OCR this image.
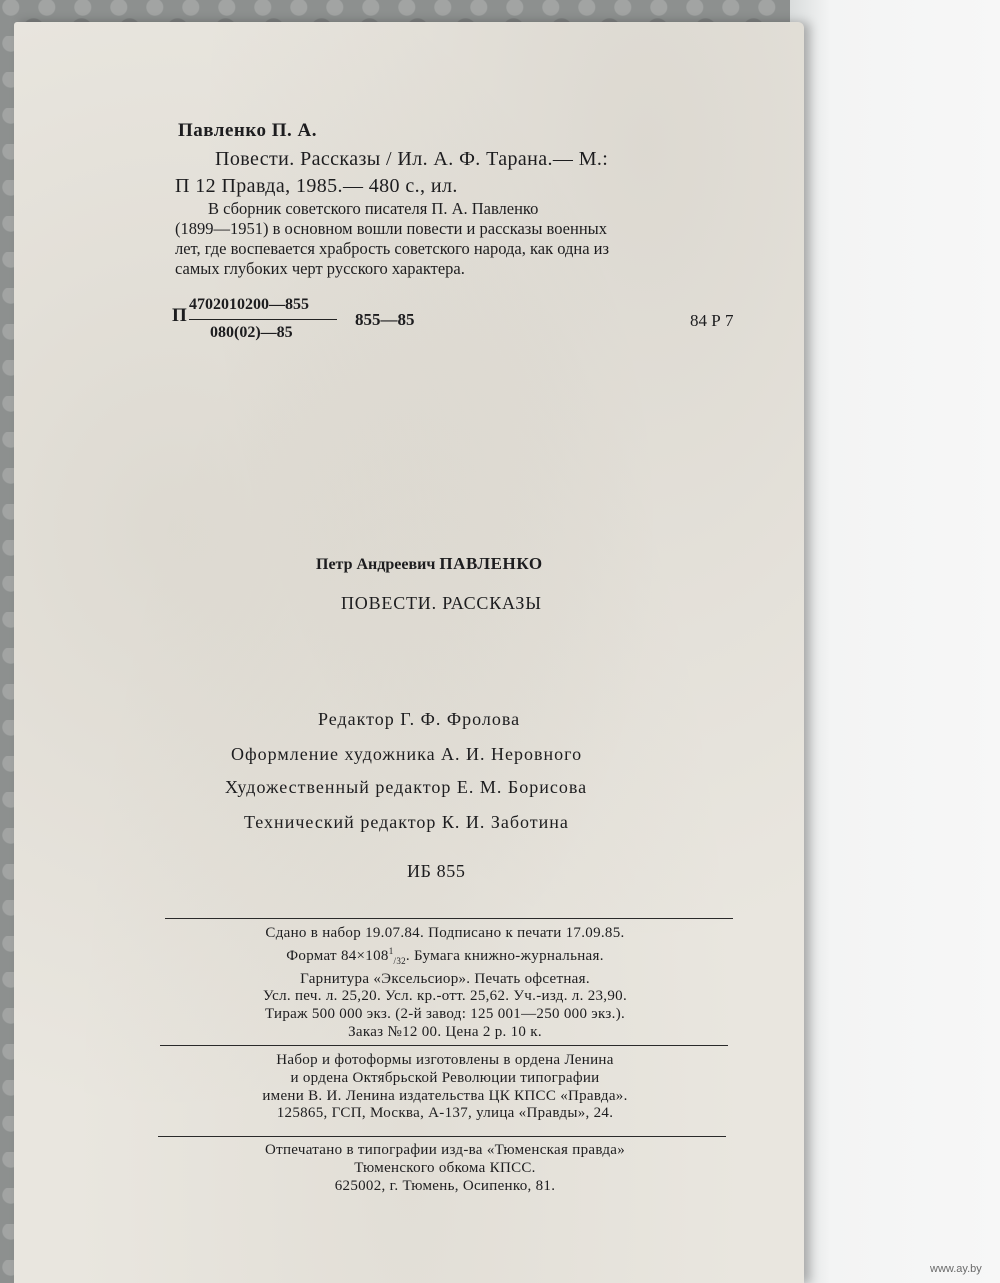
Павленко П. А.
Повести. Рассказы / Ил. А. Ф. Тарана.— М.:
П 12 Правда, 1985.— 480 с., ил.

В сборник советского писателя П. А. Павленко

(1899—1951) в основном вошли повести и рассказы военных

лет, где воспевается храбрость советского народа, как одна из

самых глубоких черт русского характера.

П
4702010200—855
080(02)—85
855—85	84 Р 7
Петр Андреевич ПАВЛЕНКО
ПОВЕСТИ. РАССКАЗЫ
Редактор Г. Ф. Фролова
Оформление художника А. И. Неровного
Художественный редактор Е. М. Борисова
Технический редактор К. И. Заботина
ИБ 855

Сдано в набор 19.07.84. Подписано к печати 17.09.85.

Формат $84\times 108^1_{/32}$. Бумага книжно-журнальная.

Гарнитура «Эксельсиор». Печать офсетная.

Усл. печ. л. 25,20. Усл. кр.-отт. 25,62. Уч.-изд. л. 23,90.

Тираж 500 000 экз. (2-й завод: 125 001—250 000 экз.).

Заказ №12 00. Цена 2 р. 10 к.

Набор и фотоформы изготовлены в ордена Ленина

и ордена Октябрьской Революции типографии

имени В. И. Ленина издательства ЦК КПСС «Правда».

125865, ГСП, Москва, А-137, улица «Правды», 24.

Отпечатано в типографии изд-ва «Тюменская правда»

Тюменского обкома КПСС.

625002, г. Тюмень, Осипенко, 81.

www.ay.by
